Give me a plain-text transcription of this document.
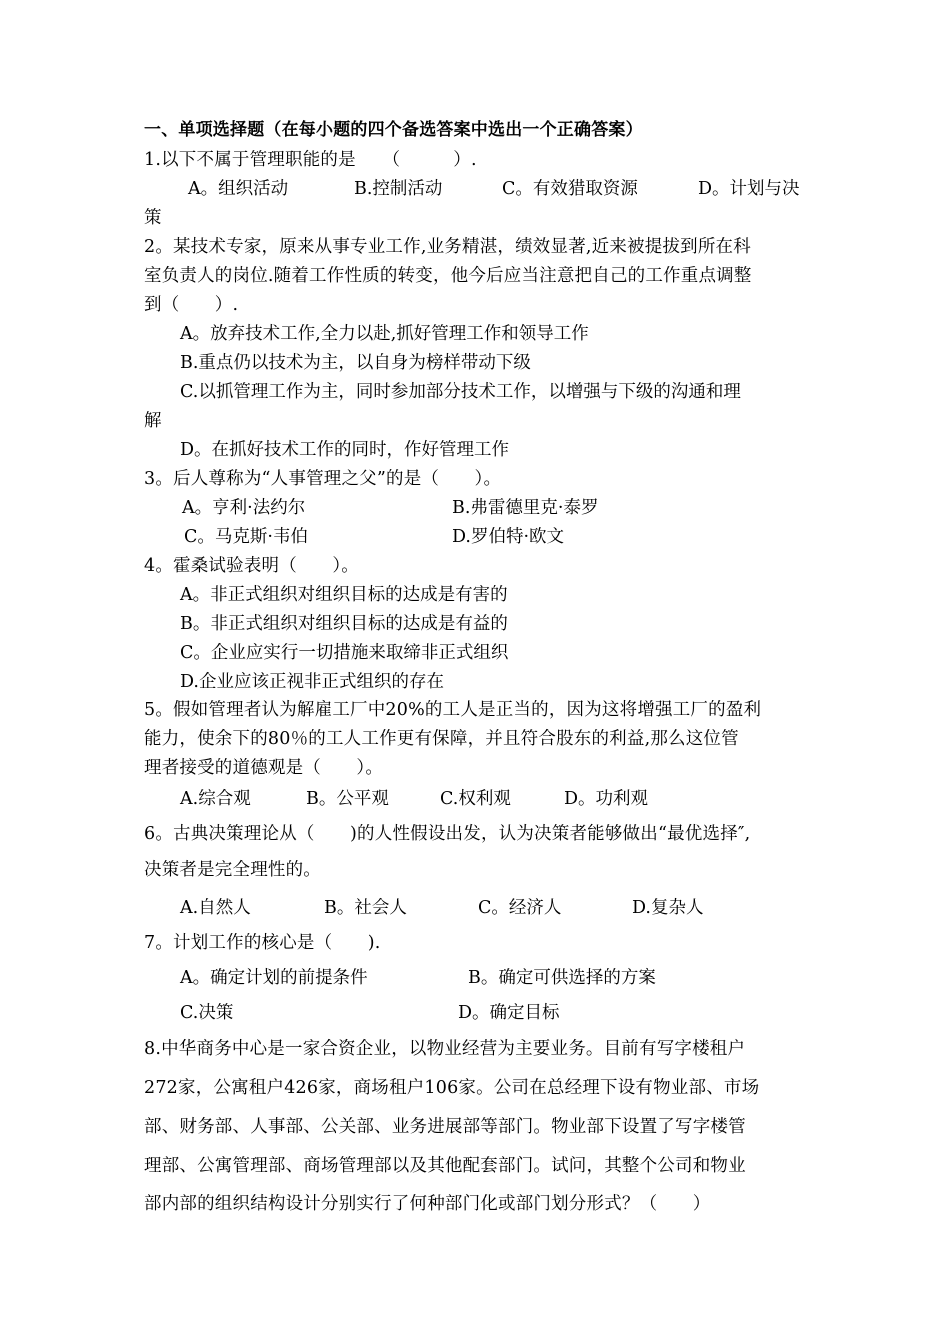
一、单项选择题（在每小题的四个备选答案中选出一个正确答案）
1.以下不属于管理职能的是　　（　　　）.
A。组织活动	B.控制活动	C。有效猎取资源	D。计划与决
策
2。某技术专家，原来从事专业工作,业务精湛，绩效显著,近来被提拔到所在科
室负责人的岗位.随着工作性质的转变，他今后应当注意把自己的工作重点调整
到（　　）.
A。放弃技术工作,全力以赴,抓好管理工作和领导工作
B.重点仍以技术为主，以自身为榜样带动下级
C.以抓管理工作为主，同时参加部分技术工作，以增强与下级的沟通和理
解
D。在抓好技术工作的同时，作好管理工作
3。后人尊称为“人事管理之父”的是（　　）。
A。亨利·法约尔	B.弗雷德里克·泰罗
C。马克斯·韦伯	D.罗伯特·欧文
4。霍桑试验表明（　　）。
A。非正式组织对组织目标的达成是有害的
B。非正式组织对组织目标的达成是有益的
C。企业应实行一切措施来取缔非正式组织
D.企业应该正视非正式组织的存在
5。假如管理者认为解雇工厂中20%的工人是正当的，因为这将增强工厂的盈利
能力，使余下的80％的工人工作更有保障，并且符合股东的利益,那么这位管
理者接受的道德观是（　　）。
A.综合观	B。公平观	C.权利观	D。功利观
6。古典决策理论从（　　)的人性假设出发，认为决策者能够做出“最优选择″,
决策者是完全理性的。
A.自然人	B。社会人	C。经济人	D.复杂人
7。计划工作的核心是（　　).
A。确定计划的前提条件	B。确定可供选择的方案
C.决策	D。确定目标
8.中华商务中心是一家合资企业，以物业经营为主要业务。目前有写字楼租户
272家，公寓租户426家，商场租户106家。公司在总经理下设有物业部、市场
部、财务部、人事部、公关部、业务进展部等部门。物业部下设置了写字楼管
理部、公寓管理部、商场管理部以及其他配套部门。试问，其整个公司和物业
部内部的组织结构设计分别实行了何种部门化或部门划分形式？（　　）
